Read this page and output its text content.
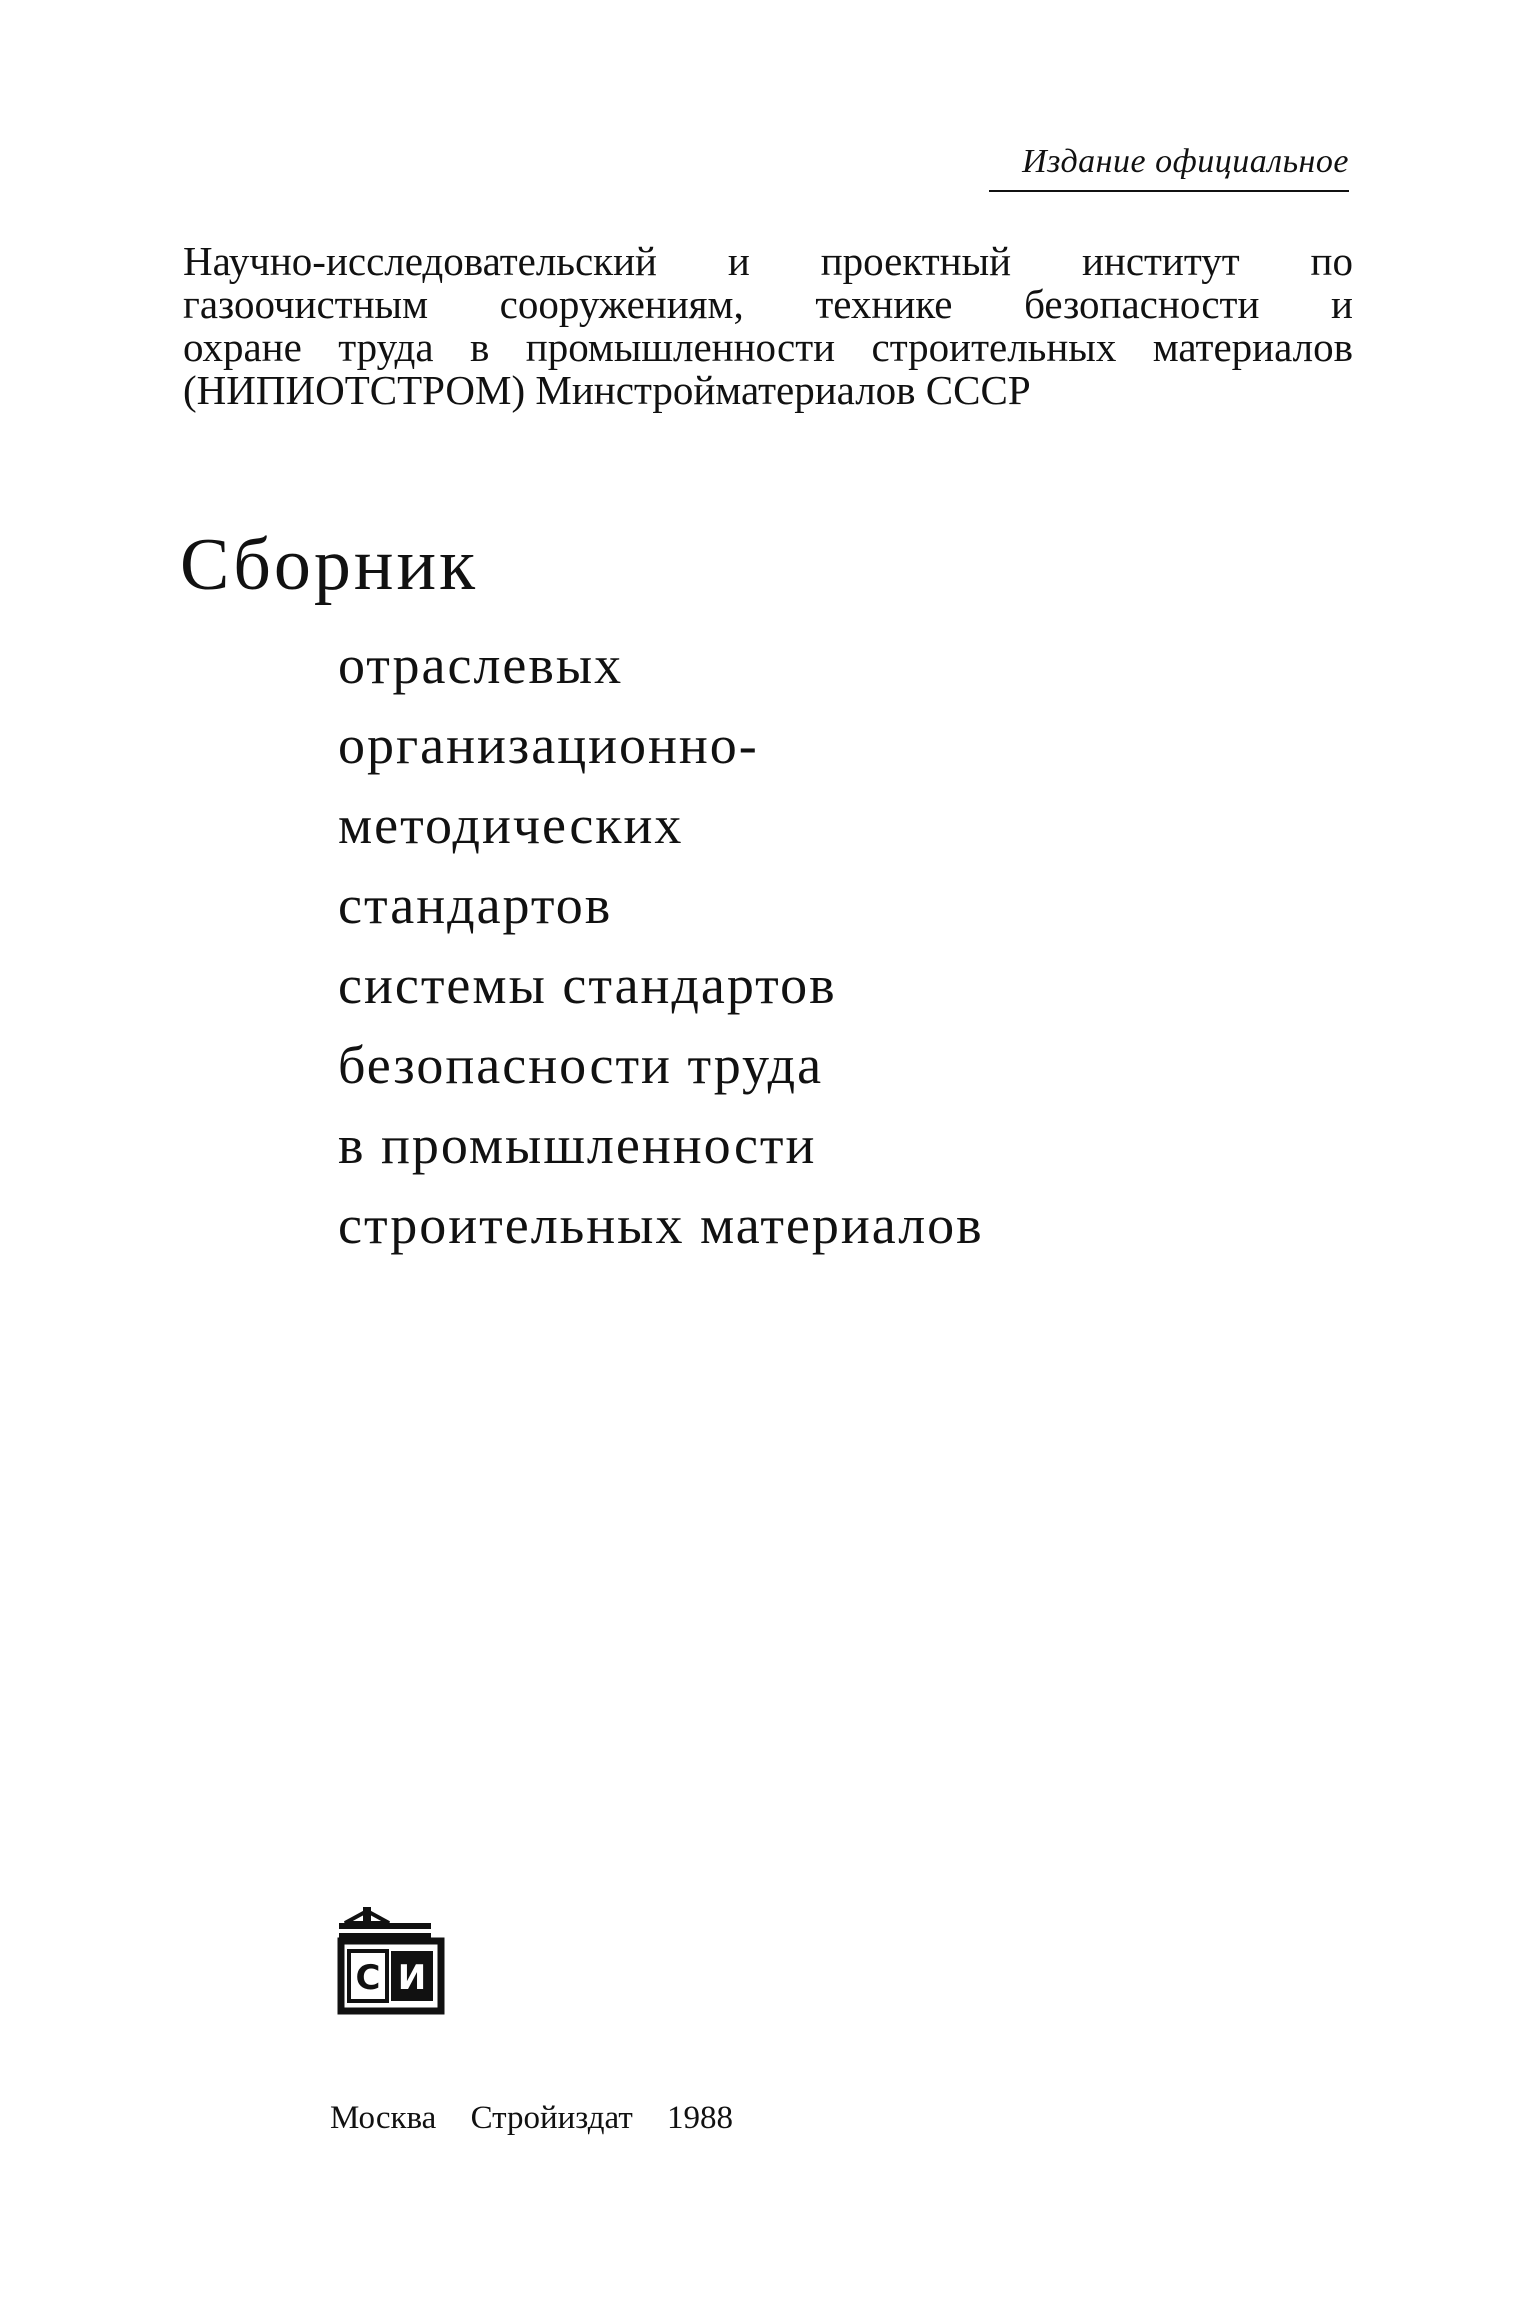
Издание официальное
Научно-исследовательский и проектный институт по
газоочистным сооружениям, технике безопасности и
охране труда в промышленности строительных материалов
(НИПИОТСТРОМ) Минстройматериалов СССР
Сборник
отраслевых
организационно-
методических
стандартов
системы стандартов
безопасности труда
в промышленности
строительных материалов
С И
Москва Стройиздат 1988
